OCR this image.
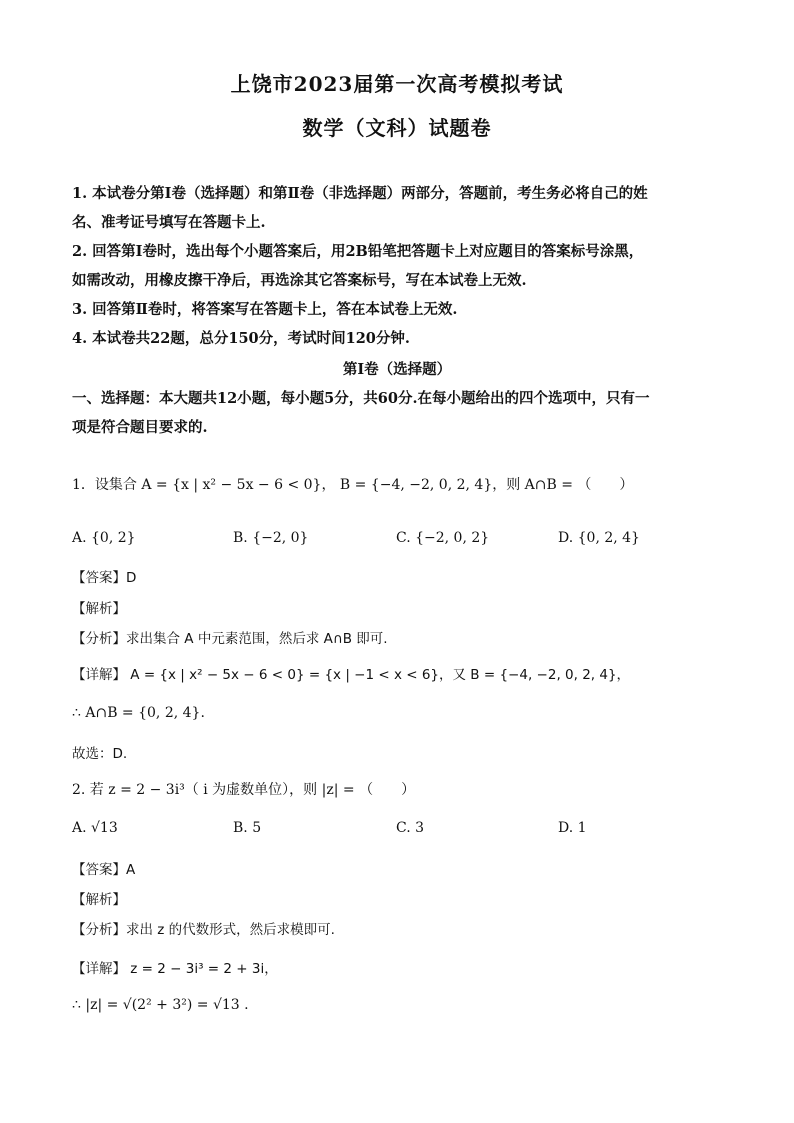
上饶市2023届第一次高考模拟考试
数学（文科）试题卷
1. 本试卷分第Ⅰ卷（选择题）和第Ⅱ卷（非选择题）两部分，答题前，考生务必将自己的姓
名、准考证号填写在答题卡上.
2. 回答第Ⅰ卷时，选出每个小题答案后，用2B铅笔把答题卡上对应题目的答案标号涂黑，
如需改动，用橡皮擦干净后，再选涂其它答案标号，写在本试卷上无效.
3. 回答第Ⅱ卷时，将答案写在答题卡上，答在本试卷上无效.
4. 本试卷共22题，总分150分，考试时间120分钟.
第Ⅰ卷（选择题）
一、选择题：本大题共12小题，每小题5分，共60分.在每小题给出的四个选项中，只有一
项是符合题目要求的.
1．设集合 A = {x | x² − 5x − 6 < 0}， B = {−4, −2, 0, 2, 4}，则 A∩B = （　　）
A. {0, 2}	B. {−2, 0}	C. {−2, 0, 2}	D. {0, 2, 4}
【答案】D
【解析】
【分析】求出集合 A 中元素范围，然后求 A∩B 即可.
【详解】 A = {x | x² − 5x − 6 < 0} = {x | −1 < x < 6}，又 B = {−4, −2, 0, 2, 4}，
∴ A∩B = {0, 2, 4}.
故选：D.
2. 若 z = 2 − 3i³（ i 为虚数单位），则 |z| = （　　）
A. √13	B. 5	C. 3	D. 1
【答案】A
【解析】
【分析】求出 z 的代数形式，然后求模即可.
【详解】 z = 2 − 3i³ = 2 + 3i，
∴ |z| = √(2² + 3²) = √13 .
